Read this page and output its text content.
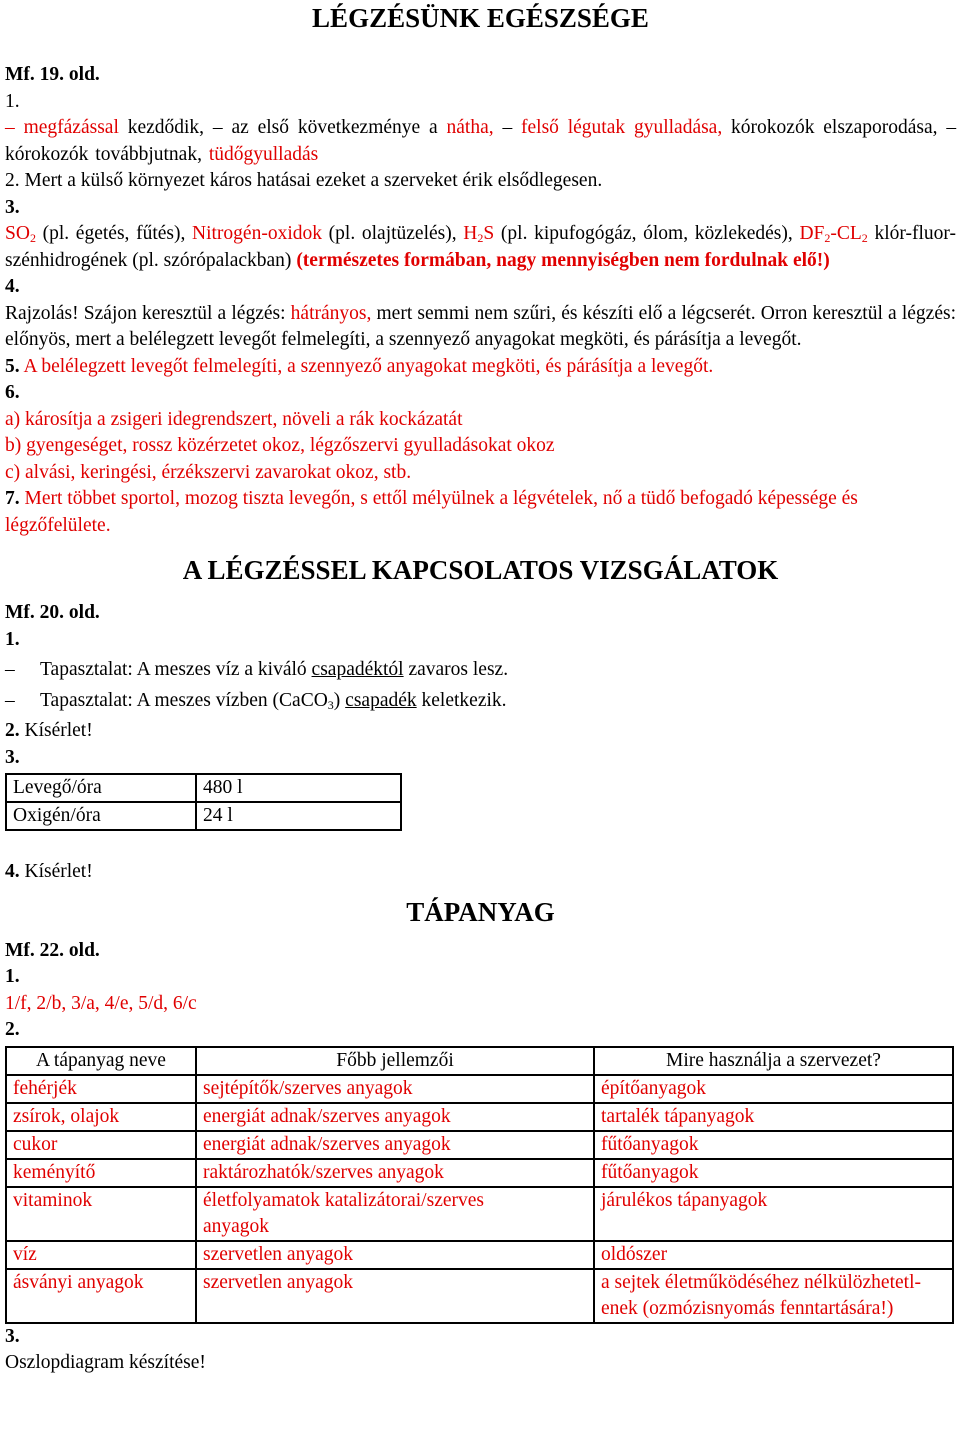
LÉGZÉSÜNK EGÉSZSÉGE
Mf. 19. old.
1.
– megfázással kezdődik, – az első következménye a nátha, – felső légutak gyulladása, kórokozók elszaporodása, – kórokozók továbbjutnak, tüdőgyulladás
2. Mert a külső környezet káros hatásai ezeket a szerveket érik elsődlegesen.
3.
$SO_2$ (pl. égetés, fűtés), Nitrogén-oxidok (pl. olajtüzelés), $H_2S$ (pl. kipufogógáz, ólom, közlekedés), $DF_2-CL_2$ klór-fluor-szénhidrogének (pl. szórópalackban) (természetes formában, nagy mennyiségben nem fordulnak elő!)
4.
Rajzolás! Szájon keresztül a légzés: hátrányos, mert semmi nem szűri, és készíti elő a légcserét. Orron keresztül a légzés: előnyös, mert a belélegzett levegőt felmelegíti, a szennyező anyagokat megköti, és párásítja a levegőt.
5. A belélegzett levegőt felmelegíti, a szennyező anyagokat megköti, és párásítja a levegőt.
6.
a) károsítja a zsigeri idegrendszert, növeli a rák kockázatát
b) gyengeséget, rossz közérzetet okoz, légzőszervi gyulladásokat okoz
c) alvási, keringési, érzékszervi zavarokat okoz, stb.
7. Mert többet sportol, mozog tiszta levegőn, s ettől mélyülnek a légvételek, nő a tüdő befogadó képessége és légzőfelülete.
A LÉGZÉSSEL KAPCSOLATOS VIZSGÁLATOK
Mf. 20. old.
1.
– Tapasztalat: A meszes víz a kiváló csapadéktól zavaros lesz.
– Tapasztalat: A meszes vízben (CaCO$_3$) csapadék keletkezik.
2. Kísérlet!
3.
Levegő/óra	480 l
Oxigén/óra	24 l
4. Kísérlet!
TÁPANYAG
Mf. 22. old.
1.
1/f, 2/b, 3/a, 4/e, 5/d, 6/c
2.
A tápanyag neve	Főbb jellemzői	Mire használja a szervezet?
fehérjék	sejtépítők/szerves anyagok	építőanyagok
zsírok, olajok	energiát adnak/szerves anyagok	tartalék tápanyagok
cukor	energiát adnak/szerves anyagok	fűtőanyagok
keményítő	raktározhatók/szerves anyagok	fűtőanyagok
vitaminok	életfolyamatok katalizátorai/szerves anyagok	járulékos tápanyagok
víz	szervetlen anyagok	oldószer
ásványi anyagok	szervetlen anyagok	a sejtek életműködéséhez nélkülözhetetl-enek (ozmózisnyomás fenntartására!)
3.
Oszlopdiagram készítése!
